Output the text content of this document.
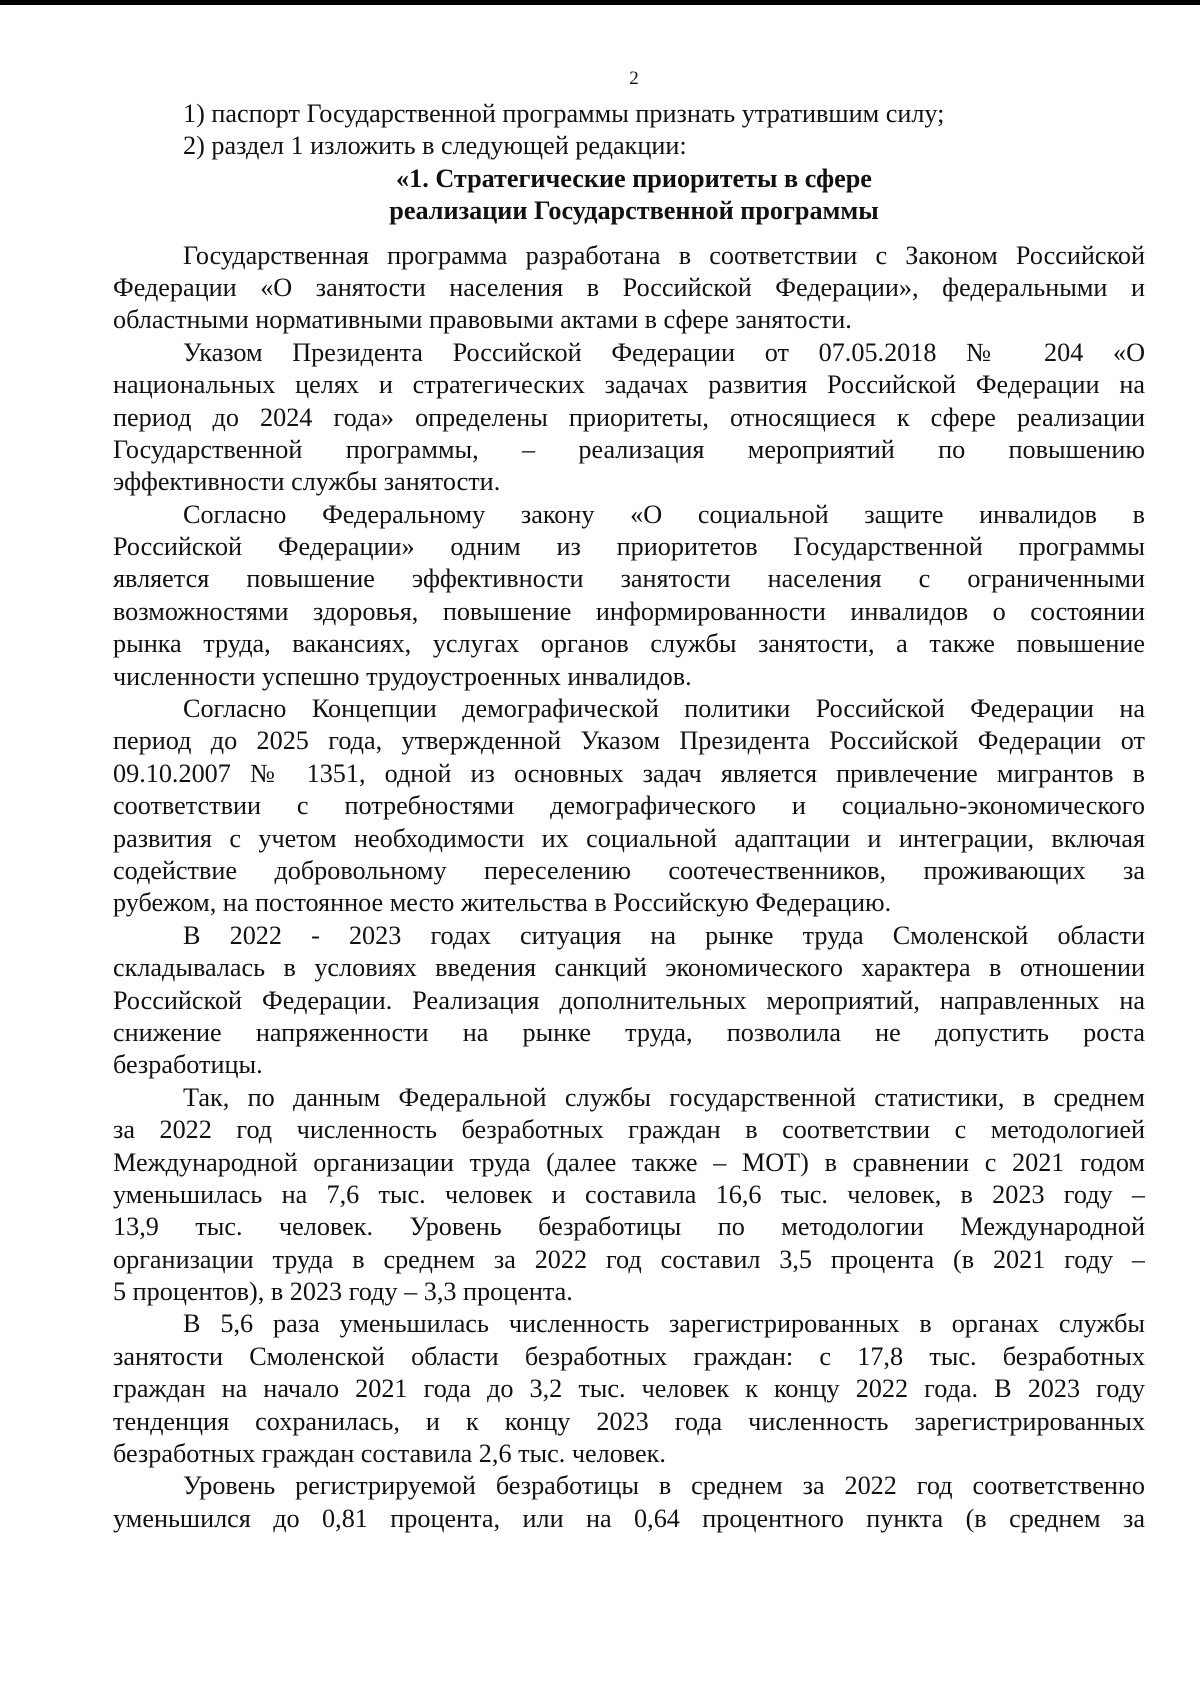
2
1) паспорт Государственной программы признать утратившим силу;
2) раздел 1 изложить в следующей редакции:
«1. Стратегические приоритеты в сфере
реализации Государственной программы
Государственная программа разработана в соответствии с Законом Российской
Федерации «О занятости населения в Российской Федерации», федеральными и
областными нормативными правовыми актами в сфере занятости.
Указом Президента Российской Федерации от 07.05.2018 № 204 «О
национальных целях и стратегических задачах развития Российской Федерации на
период до 2024 года» определены приоритеты, относящиеся к сфере реализации
Государственной программы, – реализация мероприятий по повышению
эффективности службы занятости.
Согласно Федеральному закону «О социальной защите инвалидов в
Российской Федерации» одним из приоритетов Государственной программы
является повышение эффективности занятости населения с ограниченными
возможностями здоровья, повышение информированности инвалидов о состоянии
рынка труда, вакансиях, услугах органов службы занятости, а также повышение
численности успешно трудоустроенных инвалидов.
Согласно Концепции демографической политики Российской Федерации на
период до 2025 года, утвержденной Указом Президента Российской Федерации от
09.10.2007 № 1351, одной из основных задач является привлечение мигрантов в
соответствии с потребностями демографического и социально-экономического
развития с учетом необходимости их социальной адаптации и интеграции, включая
содействие добровольному переселению соотечественников, проживающих за
рубежом, на постоянное место жительства в Российскую Федерацию.
В 2022 - 2023 годах ситуация на рынке труда Смоленской области
складывалась в условиях введения санкций экономического характера в отношении
Российской Федерации. Реализация дополнительных мероприятий, направленных на
снижение напряженности на рынке труда, позволила не допустить роста
безработицы.
Так, по данным Федеральной службы государственной статистики, в среднем
за 2022 год численность безработных граждан в соответствии с методологией
Международной организации труда (далее также – МОТ) в сравнении с 2021 годом
уменьшилась на 7,6 тыс. человек и составила 16,6 тыс. человек, в 2023 году –
13,9 тыс. человек. Уровень безработицы по методологии Международной
организации труда в среднем за 2022 год составил 3,5 процента (в 2021 году –
5 процентов), в 2023 году – 3,3 процента.
В 5,6 раза уменьшилась численность зарегистрированных в органах службы
занятости Смоленской области безработных граждан: с 17,8 тыс. безработных
граждан на начало 2021 года до 3,2 тыс. человек к концу 2022 года. В 2023 году
тенденция сохранилась, и к концу 2023 года численность зарегистрированных
безработных граждан составила 2,6 тыс. человек.
Уровень регистрируемой безработицы в среднем за 2022 год соответственно
уменьшился до 0,81 процента, или на 0,64 процентного пункта (в среднем за
